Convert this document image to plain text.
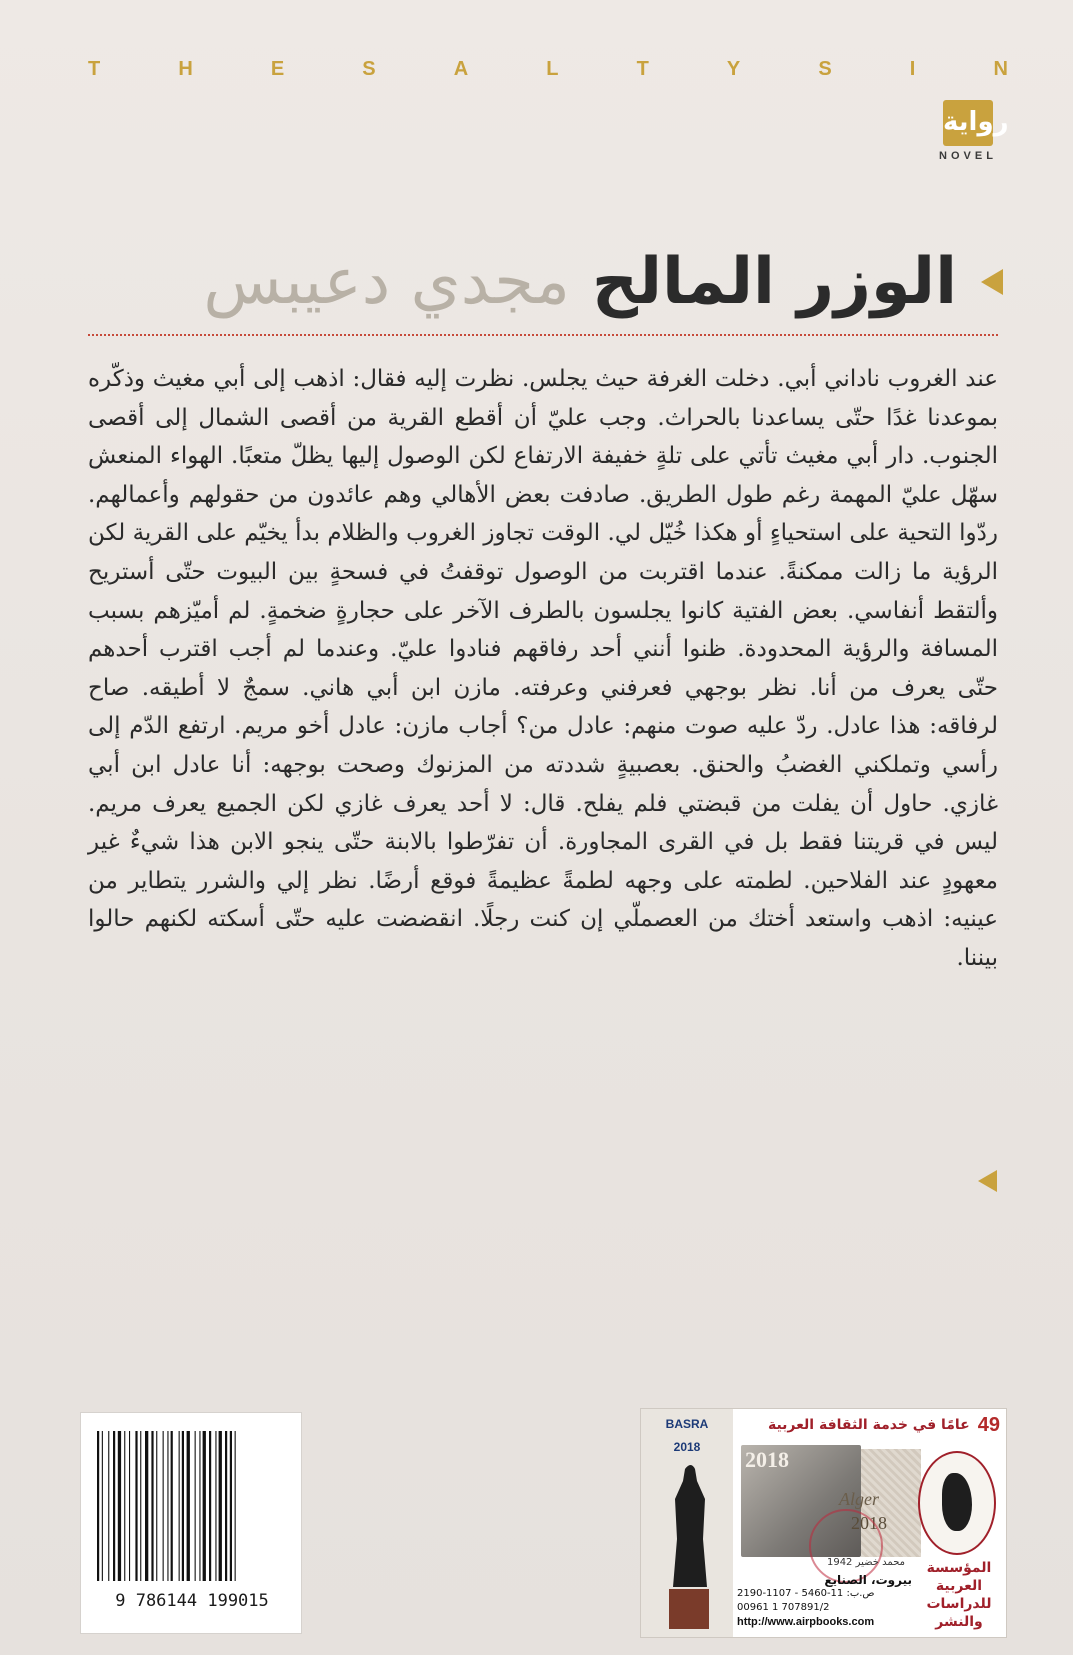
T	H	E	S	A	L	T	Y	S	I	N
رواية
NOVEL
الوزر المالح
مجدي دعيبس
عند الغروب ناداني أبي. دخلت الغرفة حيث يجلس. نظرت إليه فقال: اذهب إلى أبي مغيث وذكّره بموعدنا غدًا حتّى يساعدنا بالحراث. وجب عليّ أن أقطع القرية من أقصى الشمال إلى أقصى الجنوب. دار أبي مغيث تأتي على تلةٍ خفيفة الارتفاع لكن الوصول إليها يظلّ متعبًا. الهواء المنعش سهّل عليّ المهمة رغم طول الطريق. صادفت بعض الأهالي وهم عائدون من حقولهم وأعمالهم. ردّوا التحية على استحياءٍ أو هكذا خُيّل لي. الوقت تجاوز الغروب والظلام بدأ يخيّم على القرية لكن الرؤية ما زالت ممكنةً. عندما اقتربت من الوصول توقفتُ في فسحةٍ بين البيوت حتّى أستريح وألتقط أنفاسي. بعض الفتية كانوا يجلسون بالطرف الآخر على حجارةٍ ضخمةٍ. لم أميّزهم بسبب المسافة والرؤية المحدودة. ظنوا أنني أحد رفاقهم فنادوا عليّ. وعندما لم أجب اقترب أحدهم حتّى يعرف من أنا. نظر بوجهي فعرفني وعرفته. مازن ابن أبي هاني. سمجٌ لا أطيقه. صاح لرفاقه: هذا عادل. ردّ عليه صوت منهم: عادل من؟ أجاب مازن: عادل أخو مريم. ارتفع الدّم إلى رأسي وتملكني الغضبُ والحنق. بعصبيةٍ شددته من المزنوك وصحت بوجهه: أنا عادل ابن أبي غازي. حاول أن يفلت من قبضتي فلم يفلح. قال: لا أحد يعرف غازي لكن الجميع يعرف مريم. ليس في قريتنا فقط بل في القرى المجاورة. أن تفرّطوا بالابنة حتّى ينجو الابن هذا شيءٌ غير معهودٍ عند الفلاحين. لطمته على وجهه لطمةً عظيمةً فوقع أرضًا. نظر إلي والشرر يتطاير من عينيه: اذهب واستعد أختك من العصملّي إن كنت رجلًا. انقضضت عليه حتّى أسكته لكنهم حالوا بيننا.
9 786144 199015
BASRA
2018
49
عامًا في خدمة الثقافة العربية
2018
Alger
2018
محمد خضير 1942
بيروت، الصنايع
2190-1107 - ص.ب: 11-5460
00961 1 707891/2
http://www.airpbooks.com
المؤسسة
العربية
للدراسات
والنشر
